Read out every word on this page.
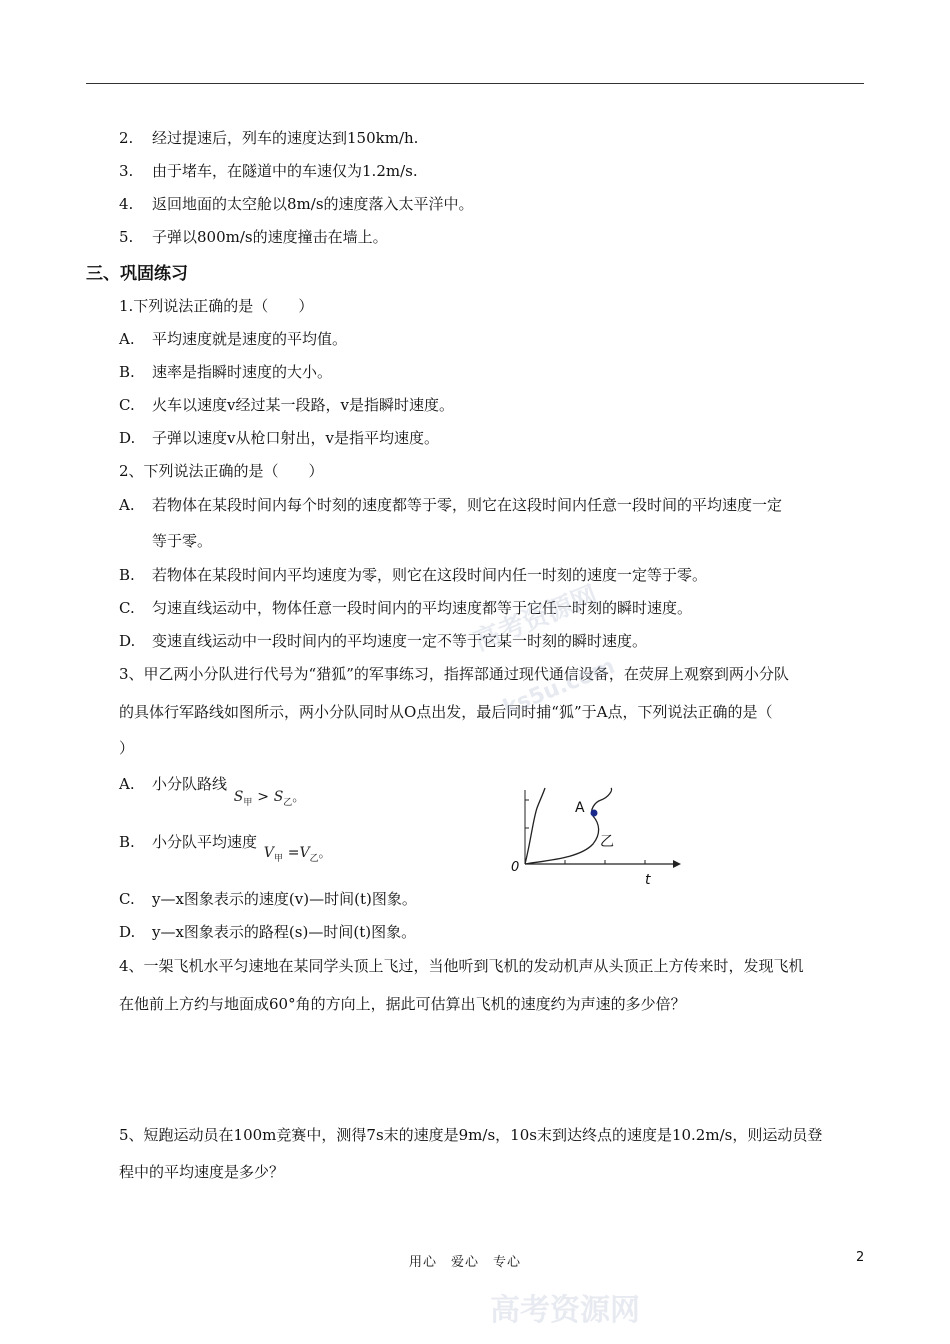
2. 经过提速后，列车的速度达到150km/h.
3. 由于堵车，在隧道中的车速仅为1.2m/s.
4. 返回地面的太空舱以8m/s的速度落入太平洋中。
5. 子弹以800m/s的速度撞击在墙上。
三、巩固练习
1.下列说法正确的是（　　）
A. 平均速度就是速度的平均值。
B. 速率是指瞬时速度的大小。
C. 火车以速度v经过某一段路，v是指瞬时速度。
D. 子弹以速度v从枪口射出，v是指平均速度。
2、下列说法正确的是（　　）
A. 若物体在某段时间内每个时刻的速度都等于零，则它在这段时间内任意一段时间的平均速度一定
等于零。
B. 若物体在某段时间内平均速度为零，则它在这段时间内任一时刻的速度一定等于零。
C. 匀速直线运动中，物体任意一段时间内的平均速度都等于它任一时刻的瞬时速度。
D. 变速直线运动中一段时间内的平均速度一定不等于它某一时刻的瞬时速度。
3、甲乙两小分队进行代号为“猎狐”的军事练习，指挥部通过现代通信设备，在荧屏上观察到两小分队
的具体行军路线如图所示，两小分队同时从O点出发，最后同时捕“狐”于A点，下列说法正确的是（
）
A. 小分队路线 $S_甲 > S_乙$。
B. 小分队平均速度 $V_甲 =V_乙$。
C. y—x图象表示的速度(v)—时间(t)图象。
D. y—x图象表示的路程(s)—时间(t)图象。
A
乙
0
t
4、一架飞机水平匀速地在某同学头顶上飞过，当他听到飞机的发动机声从头顶正上方传来时，发现飞机
在他前上方约与地面成60°角的方向上，据此可估算出飞机的速度约为声速的多少倍？
5、短跑运动员在100m竞赛中，测得7s末的速度是9m/s，10s末到达终点的速度是10.2m/s，则运动员登
程中的平均速度是多少？
用心　爱心　专心	2
高考资源网
ks5u.com
高考资源网
